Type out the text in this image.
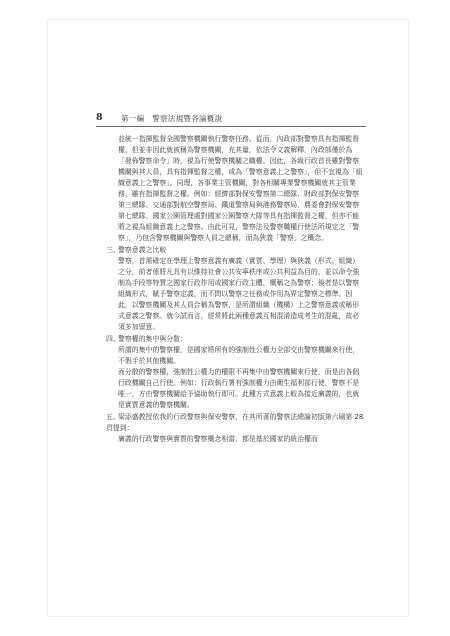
8 第一編　警察法規暨各論概說

並統一指揮監督全國警察機關執行警察任務。從而，內政部對警察具有指揮監督權，但並非因此就被稱為警察機關，充其量，依法令文義解釋，內政部僅於為「發佈警察命令」時，視為行使警察機關之職權。因此，各級行政首長雖對警察機關與其人員，具有指揮監督之權，或為「警察意義上之警察」，但不宜視為「組織意義上之警察」。同理，各事業主管機關，對各相關專業警察機關就其主管業務，雖有指揮監督之權。例如：經濟部對保安警察第二總隊、財政部對保安警察第三總隊、交通部對航空警察局、鐵道警察局與港務警察局、農委會對保安警察第七總隊、國家公園管理處對國家公園警察大隊等具有指揮監督之權，但亦不能將之視為組織意義上之警察。由此可見，警察法及警察職權行使法所規定之「警察」，乃包含警察機關與警察人員之總稱，而為狹義「警察」之概念。

三、警察意義之比較

警察，首需確定在學理上警察意義有廣義（實質、學理）與狹義（形式、組織）之分，前者係將凡具有以維持社會公共安寧秩序或公共利益為目的，並以命令強制為手段等特質之國家行政作用或國家行政主體，概稱之為警察；後者是以警察組織形式，賦予警察定義，而不問以警察之任務或作用為界定警察之標準。因此，以警察機關及其人員合稱為警察，是所謂組織（機構）上之警察意義或稱形式意義之警察。就今試而言，經常將此兩種意義互相混淆造成考生的混亂，故必須多加留意。

四、警察權的集中與分散：

所謂的集中的警察權，是國家將所有的強制性公權力全部交由警察機關來行使，不假手於其他機關。

而分散的警察權，強制性公權力的權限不再集中由警察機關來行使，而是由各個行政機關自己行使。例如：行政執行署有強制權力由衛生福利部行使，警察不是唯一，方由警察機關給予協助執行即可。此種方式意義上較為接近廣義的，也就是實質意義的警察機關。

五、梁添盛教授依我的行政警察與保安警察，在其所著的警察法總論初版第六刷第 28 頁提到：

廣義的行政警察與實質的警察概念相當，都是基於國家的統治權而
